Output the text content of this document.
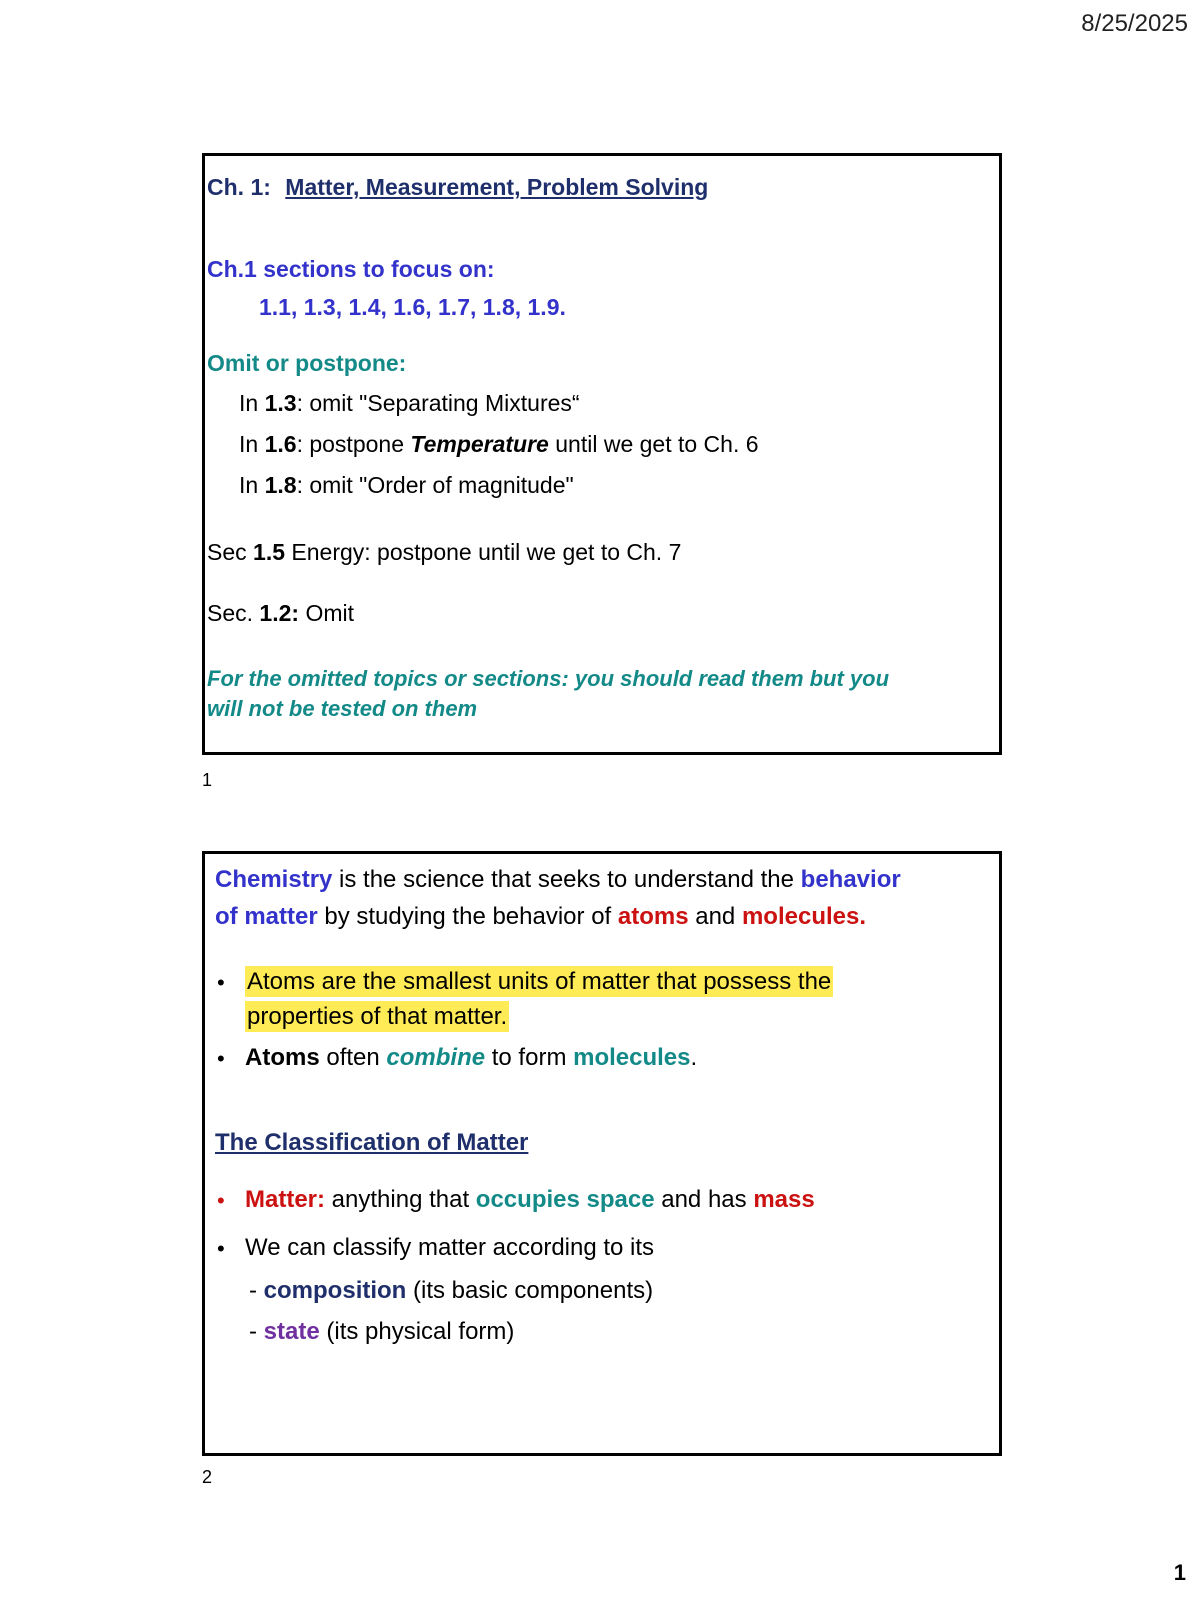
8/25/2025
Ch. 1: Matter, Measurement, Problem Solving
Ch.1 sections to focus on:
1.1, 1.3, 1.4, 1.6, 1.7, 1.8, 1.9.
Omit or postpone:
In 1.3: omit "Separating Mixtures“
In 1.6: postpone Temperature until we get to Ch. 6
In 1.8: omit "Order of magnitude"
Sec 1.5 Energy: postpone until we get to Ch. 7
Sec. 1.2: Omit
For the omitted topics or sections: you should read them but you
will not be tested on them
1
Chemistry is the science that seeks to understand the behavior
of matter by studying the behavior of atoms and molecules.
• Atoms are the smallest units of matter that possess the
properties of that matter.
• Atoms often combine to form molecules.
The Classification of Matter
• Matter: anything that occupies space and has mass
• We can classify matter according to its
- composition (its basic components)
- state (its physical form)
2
1
